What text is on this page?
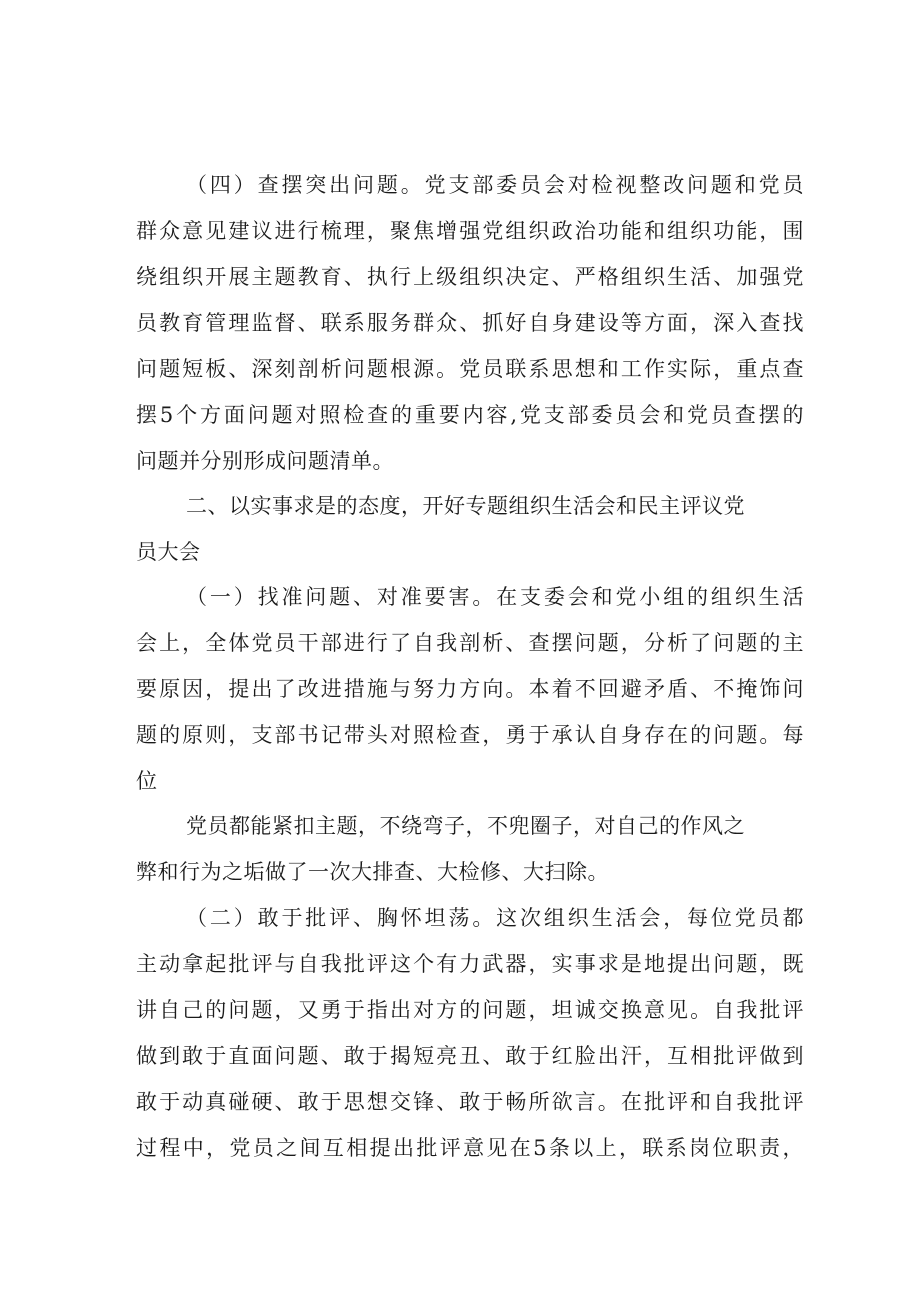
（四）查摆突出问题。党支部委员会对检视整改问题和党员
群众意见建议进行梳理，聚焦增强党组织政治功能和组织功能，围
绕组织开展主题教育、执行上级组织决定、严格组织生活、加强党
员教育管理监督、联系服务群众、抓好自身建设等方面，深入查找
问题短板、深刻剖析问题根源。党员联系思想和工作实际，重点查
摆5个方面问题对照检查的重要内容,党支部委员会和党员查摆的
问题并分别形成问题清单。
二、以实事求是的态度，开好专题组织生活会和民主评议党
员大会
（一）找准问题、对准要害。在支委会和党小组的组织生活
会上，全体党员干部进行了自我剖析、查摆问题，分析了问题的主
要原因，提出了改进措施与努力方向。本着不回避矛盾、不掩饰问
题的原则，支部书记带头对照检查，勇于承认自身存在的问题。每
位
党员都能紧扣主题，不绕弯子，不兜圈子，对自己的作风之
弊和行为之垢做了一次大排查、大检修、大扫除。
（二）敢于批评、胸怀坦荡。这次组织生活会，每位党员都
主动拿起批评与自我批评这个有力武器，实事求是地提出问题，既
讲自己的问题，又勇于指出对方的问题，坦诚交换意见。自我批评
做到敢于直面问题、敢于揭短亮丑、敢于红脸出汗，互相批评做到
敢于动真碰硬、敢于思想交锋、敢于畅所欲言。在批评和自我批评
过程中，党员之间互相提出批评意见在5条以上，联系岗位职责，
